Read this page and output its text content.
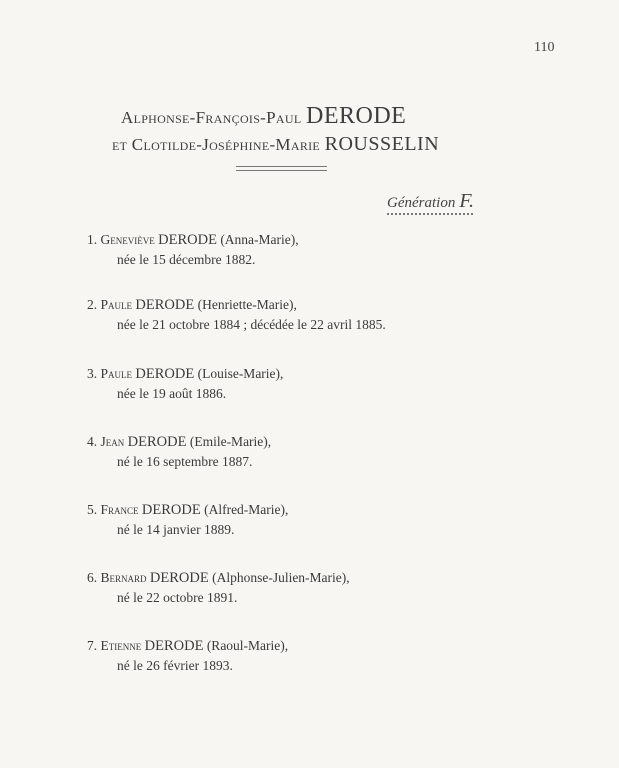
110
Alphonse-François-Paul DERODE
et Clotilde-Joséphine-Marie ROUSSELIN
Génération F.
1. Geneviève DERODE (Anna-Marie),
née le 15 décembre 1882.
2. Paule DERODE (Henriette-Marie),
née le 21 octobre 1884 ; décédée le 22 avril 1885.
3. Paule DERODE (Louise-Marie),
née le 19 août 1886.
4. Jean DERODE (Emile-Marie),
né le 16 septembre 1887.
5. France DERODE (Alfred-Marie),
né le 14 janvier 1889.
6. Bernard DERODE (Alphonse-Julien-Marie),
né le 22 octobre 1891.
7. Etienne DERODE (Raoul-Marie),
né le 26 février 1893.
